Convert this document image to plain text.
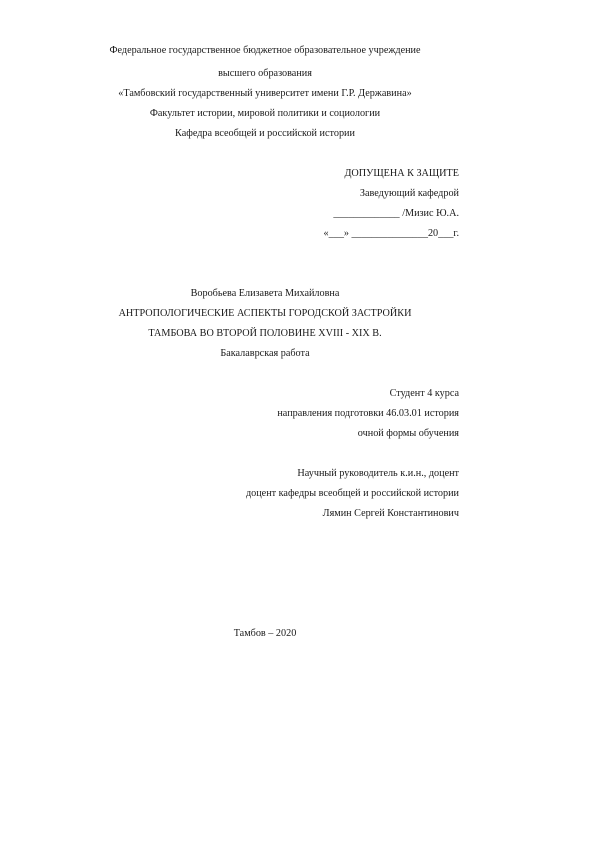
Федеральное государственное бюджетное образовательное учреждение
высшего образования
«Тамбовский государственный университет имени Г.Р. Державина»
Факультет истории, мировой политики и социологии
Кафедра всеобщей и российской истории
ДОПУЩЕНА К ЗАЩИТЕ
Заведующий кафедрой
_____________ /Мизис Ю.А.
«___» _______________20___г.
Воробьева Елизавета Михайловна
АНТРОПОЛОГИЧЕСКИЕ АСПЕКТЫ ГОРОДСКОЙ ЗАСТРОЙКИ
ТАМБОВА ВО ВТОРОЙ ПОЛОВИНЕ XVIII - XIX В.
Бакалаврская работа
Студент 4 курса
направления подготовки 46.03.01 история
очной формы обучения
Научный руководитель к.и.н., доцент
доцент кафедры всеобщей и российской истории
Лямин Сергей Константинович
Тамбов – 2020
